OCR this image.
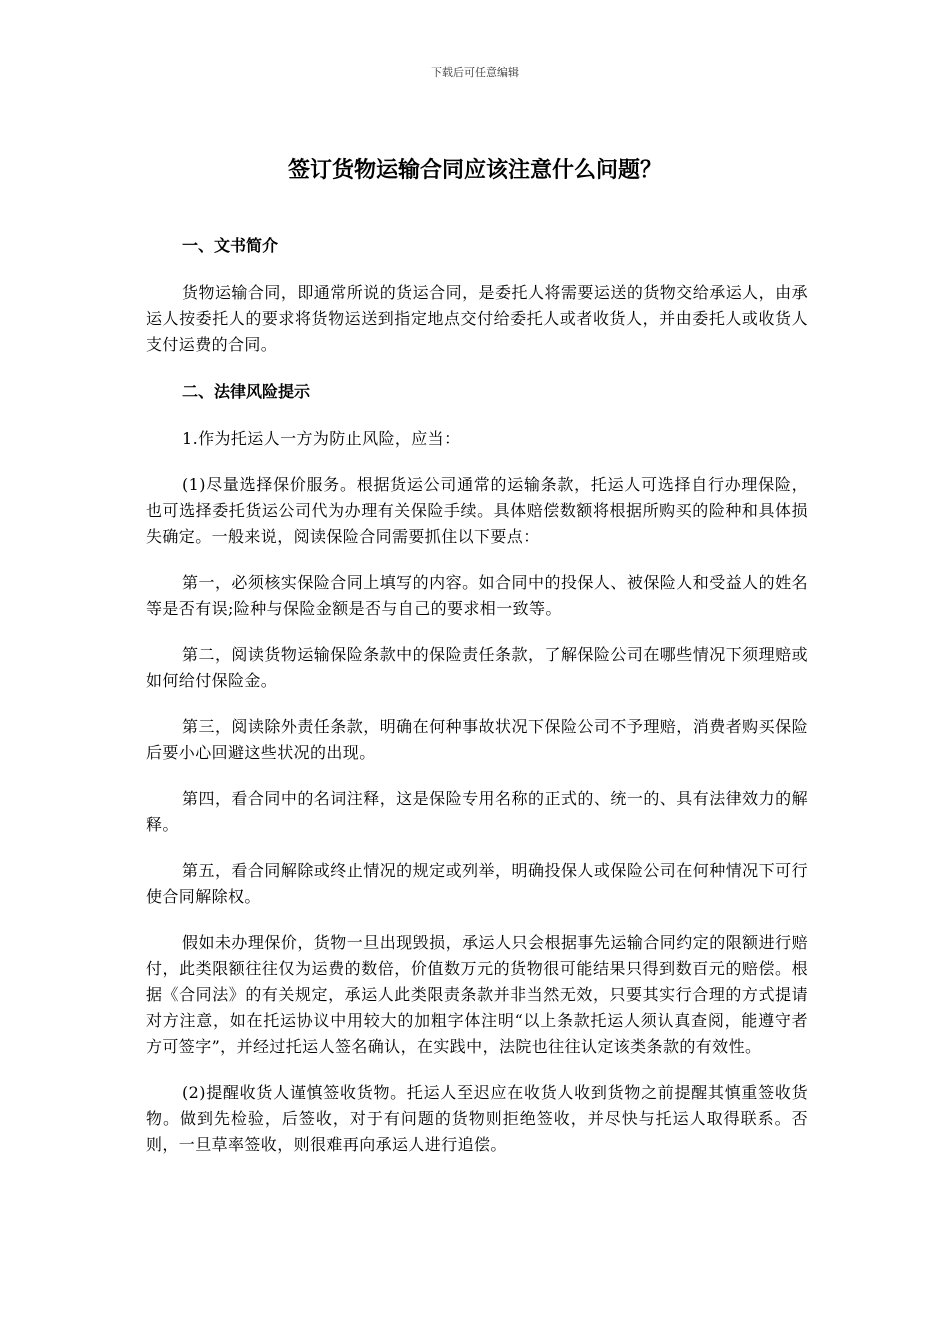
下载后可任意编辑
签订货物运输合同应该注意什么问题？
一、文书简介

货物运输合同，即通常所说的货运合同，是委托人将需要运送的货物交给承运人，由承运人按委托人的要求将货物运送到指定地点交付给委托人或者收货人，并由委托人或收货人支付运费的合同。

二、法律风险提示

1.作为托运人一方为防止风险，应当：

(1)尽量选择保价服务。根据货运公司通常的运输条款，托运人可选择自行办理保险，也可选择委托货运公司代为办理有关保险手续。具体赔偿数额将根据所购买的险种和具体损失确定。一般来说，阅读保险合同需要抓住以下要点：

第一，必须核实保险合同上填写的内容。如合同中的投保人、被保险人和受益人的姓名等是否有误;险种与保险金额是否与自己的要求相一致等。

第二，阅读货物运输保险条款中的保险责任条款，了解保险公司在哪些情况下须理赔或如何给付保险金。

第三，阅读除外责任条款，明确在何种事故状况下保险公司不予理赔，消费者购买保险后要小心回避这些状况的出现。

第四，看合同中的名词注释，这是保险专用名称的正式的、统一的、具有法律效力的解释。

第五，看合同解除或终止情况的规定或列举，明确投保人或保险公司在何种情况下可行使合同解除权。

假如未办理保价，货物一旦出现毁损，承运人只会根据事先运输合同约定的限额进行赔付，此类限额往往仅为运费的数倍，价值数万元的货物很可能结果只得到数百元的赔偿。根据《合同法》的有关规定，承运人此类限责条款并非当然无效，只要其实行合理的方式提请对方注意，如在托运协议中用较大的加粗字体注明“以上条款托运人须认真查阅，能遵守者方可签字”，并经过托运人签名确认，在实践中，法院也往往认定该类条款的有效性。

(2)提醒收货人谨慎签收货物。托运人至迟应在收货人收到货物之前提醒其慎重签收货物。做到先检验，后签收，对于有问题的货物则拒绝签收，并尽快与托运人取得联系。否则，一旦草率签收，则很难再向承运人进行追偿。
